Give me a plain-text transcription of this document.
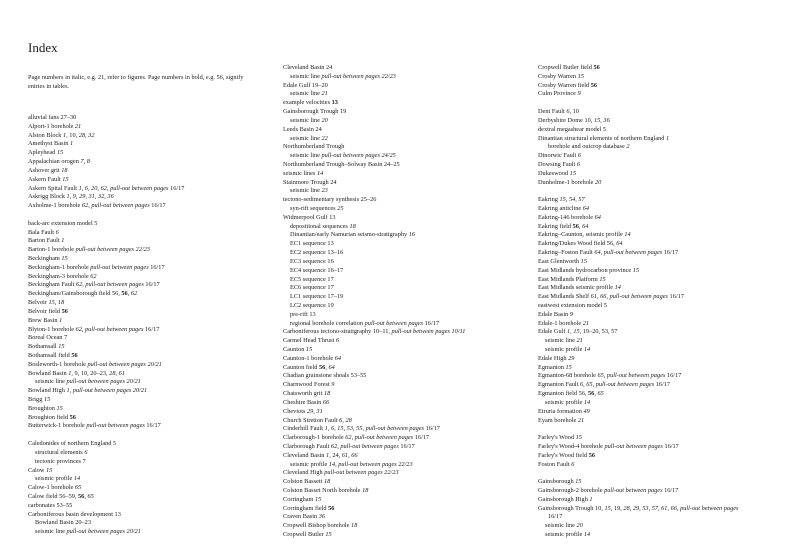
Index
Page numbers in italic, e.g. 21, refer to figures. Page numbers in bold, e.g. 56, signify entries in tables.
alluvial fans 27–30
Alport-1 borehole 21
Alston Block 1, 10, 28, 32
Amethyst Basin 1
Apleyhead 15
Appalachian orogen 7, 8
Ashover grit 18
Askern Fault 15
Askern Spital Fault 1, 6, 20, 62, pull-out between pages 16/17
Askrigg Block 1, 9, 29, 31, 32, 36
Axholme-1 borehole 62, pull-out between pages 16/17
back-arc extension model 5
Bala Fault 6
Barton Fault 1
Barton-1 borehole pull-out between pages 22/23
Beckingham 15
Beckingham-1 borehole pull-out between pages 16/17
Beckingham-3 borehole 62
Beckingham Fault 62, pull-out between pages 16/17
Beckingham/Gainsborough field 56, 56, 62
Belvoir 15, 18
Belvoir field 56
Brew Basin 1
Blyton-1 borehole 62, pull-out between pages 16/17
Boreal Ocean 7
Bothamsall 15
Bothamsall field 56
Bosleworth-1 borehole pull-out between pages 20/21
Bowland Basin 1, 9, 10, 20–23, 28, 61
seismic line pull-out between pages 20/21
Bowland High 1, pull-out between pages 20/21
Brigg 15
Broughton 15
Broughton field 56
Butterwick-1 borehole pull-out between pages 16/17
Caledonides of northern England 5
structural elements 6
tectonic provinces 7
Calow 15
seismic profile 14
Calow-1 borehole 65
Calow field 56–59, 56, 65
carbonates 53–55
Carboniferous basin development 13
Bowland Basin 20–23
seismic line pull-out between pages 20/21
Cleveland Basin 24
seismic line pull-out between pages 22/23
Edale Gulf 19–20
seismic line 21
example velocities 13
Gainsborough Trough 19
seismic line 20
Leeds Basin 24
seismic line 22
Northumberland Trough
seismic line pull-out between pages 24/25
Northumberland Trough–Solway Basin 24–25
seismic lines 14
Stainmore Trough 24
seismic line 23
tectono-sedimentary synthesis 25–26
syn-rift sequences 25
Widmerpool Gulf 13
depositional sequences 18
Dinantian/early Namurian seismo-stratigraphy 16
EC1 sequence 13
EC2 sequence 13–16
EC3 sequence 16
EC4 sequence 16–17
EC5 sequence 17
EC6 sequence 17
LC1 sequence 17–19
LC2 sequence 19
pre-rift 13
regional borehole correlation pull-out between pages 16/17
Carboniferous tectono-stratigraphy 10–11, pull-out between pages 10/11
Carmel Head Thrust 6
Caunton 15
Caunton-1 borehole 64
Caunton field 56, 64
Chadian grainstone shoals 53–55
Charnwood Forest 9
Chatsworth grit 18
Cheshire Basin 66
Cheviots 29, 31
Church Stretton Fault 6, 28
Cinderhill Fault 1, 6, 15, 53, 55, pull-out between pages 16/17
Clarborough-1 borehole 62, pull-out between pages 16/17
Clarborough Fault 62, pull-out between pages 16/17
Cleveland Basin 1, 24, 61, 66
seismic profile 14, pull-out between pages 22/23
Cleveland High pull-out between pages 22/23
Colston Bassett 18
Colston Basset North borehole 18
Corringham 15
Corringham field 56
Craven Basin 36
Cropwell Bishop borehole 18
Cropwell Butler 15
Cropwell Butler field 56
Crosby Warren 15
Crosby Warren field 56
Culm Province 9
Dent Fault 6, 10
Derbyshire Dome 10, 15, 36
dextral megashear model 5
Dinantian structural elements of northern England 1
borehole and outcrop database 2
Dinorwic Fault 6
Dowsing Fault 6
Dukeswood 15
Dunholme-1 borehole 20
Eakring 15, 54, 57
Eakring anticline 64
Eakring-146 borehole 64
Eakring field 56, 64
Eakring–Caunton, seismic profile 14
Eakring/Dukes Wood field 56, 64
Eakring–Foston Fault 64, pull-out between pages 16/17
East Glentworth 15
East Midlands hydrocarbon province 15
East Midlands Platform 15
East Midlands seismic profile 14
East Midlands Shelf 61, 66, pull-out between pages 16/17
eastwest extension model 5
Edale Basin 9
Edale-1 borehole 21
Edale Gulf 1, 15, 19–20, 53, 57
seismic line 21
seismic profile 14
Edale High 29
Egmanton 15
Egmanton-68 borehole 65, pull-out between pages 16/17
Egmanton Fault 6, 65, pull-out between pages 16/17
Egmanton field 56, 56, 65
seismic profile 14
Etruria formation 49
Eyam borehole 21
Farley's Wood 15
Farley's Wood-4 borehole pull-out between pages 16/17
Farley's Wood field 56
Foston Fault 6
Gainsborough 15
Gainsborough-2 borehole pull-out between pages 16/17
Gainsborough High 1
Gainsborough Trough 10, 15, 19, 28, 29, 53, 57, 61, 66, pull-out between pages
16/17
seismic line 20
seismic profile 14
